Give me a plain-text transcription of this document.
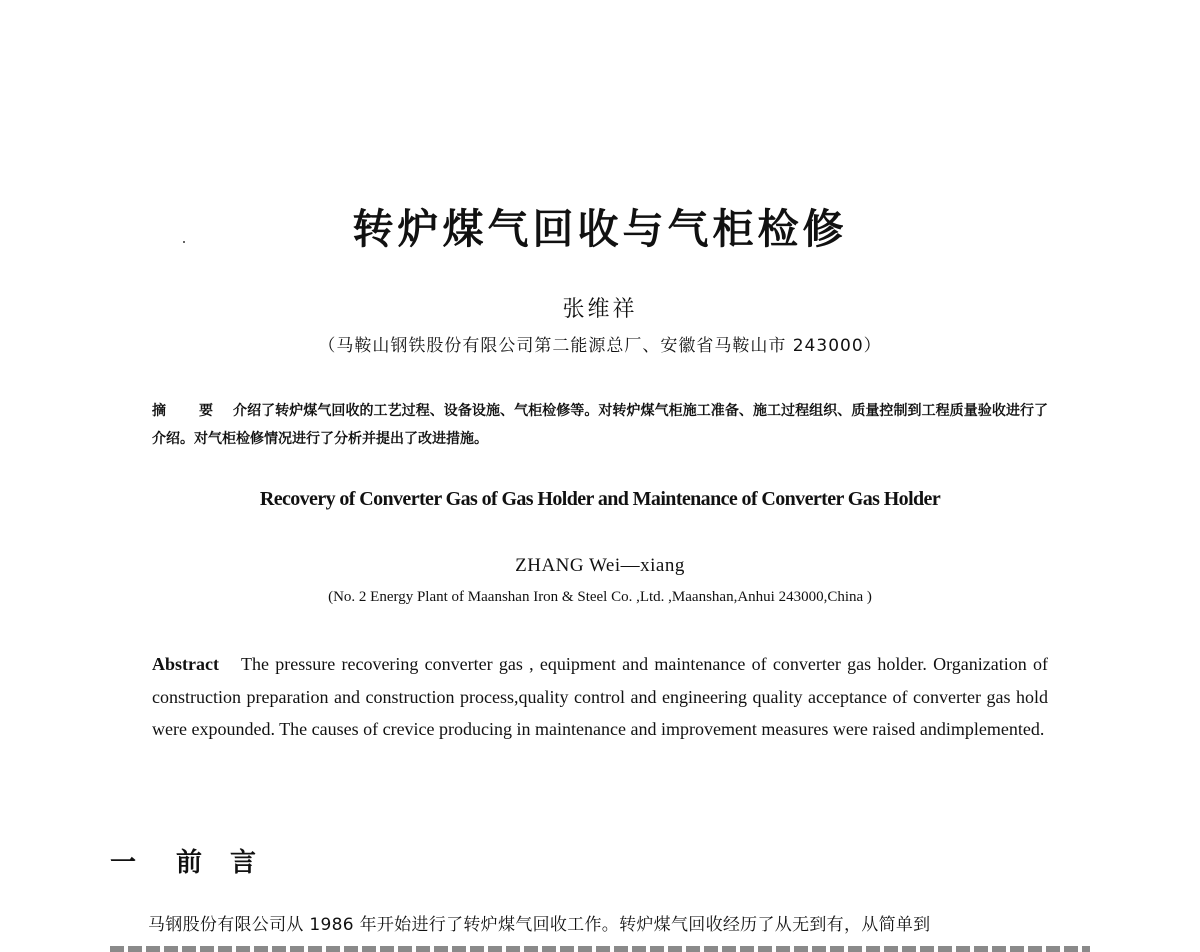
转炉煤气回收与气柜检修
张维祥
（马鞍山钢铁股份有限公司第二能源总厂、安徽省马鞍山市 243000）
摘 要 介绍了转炉煤气回收的工艺过程、设备设施、气柜检修等。对转炉煤气柜施工准备、施工过程组织、质量控制到工程质量验收进行了介绍。对气柜检修情况进行了分析并提出了改进措施。
Recovery of Converter Gas of Gas Holder and Maintenance of Converter Gas Holder
ZHANG Wei—xiang
(No. 2 Energy Plant of Maanshan Iron & Steel Co. ,Ltd. ,Maanshan,Anhui 243000,China )
Abstract The pressure recovering converter gas , equipment and maintenance of converter gas holder. Organization of construction preparation and construction process,quality control and engineering quality acceptance of converter gas hold were expounded. The causes of crevice producing in maintenance and improvement measures were raised andimplemented.
一 前言
马钢股份有限公司从 1986 年开始进行了转炉煤气回收工作。转炉煤气回收经历了从无到有，从简单到
